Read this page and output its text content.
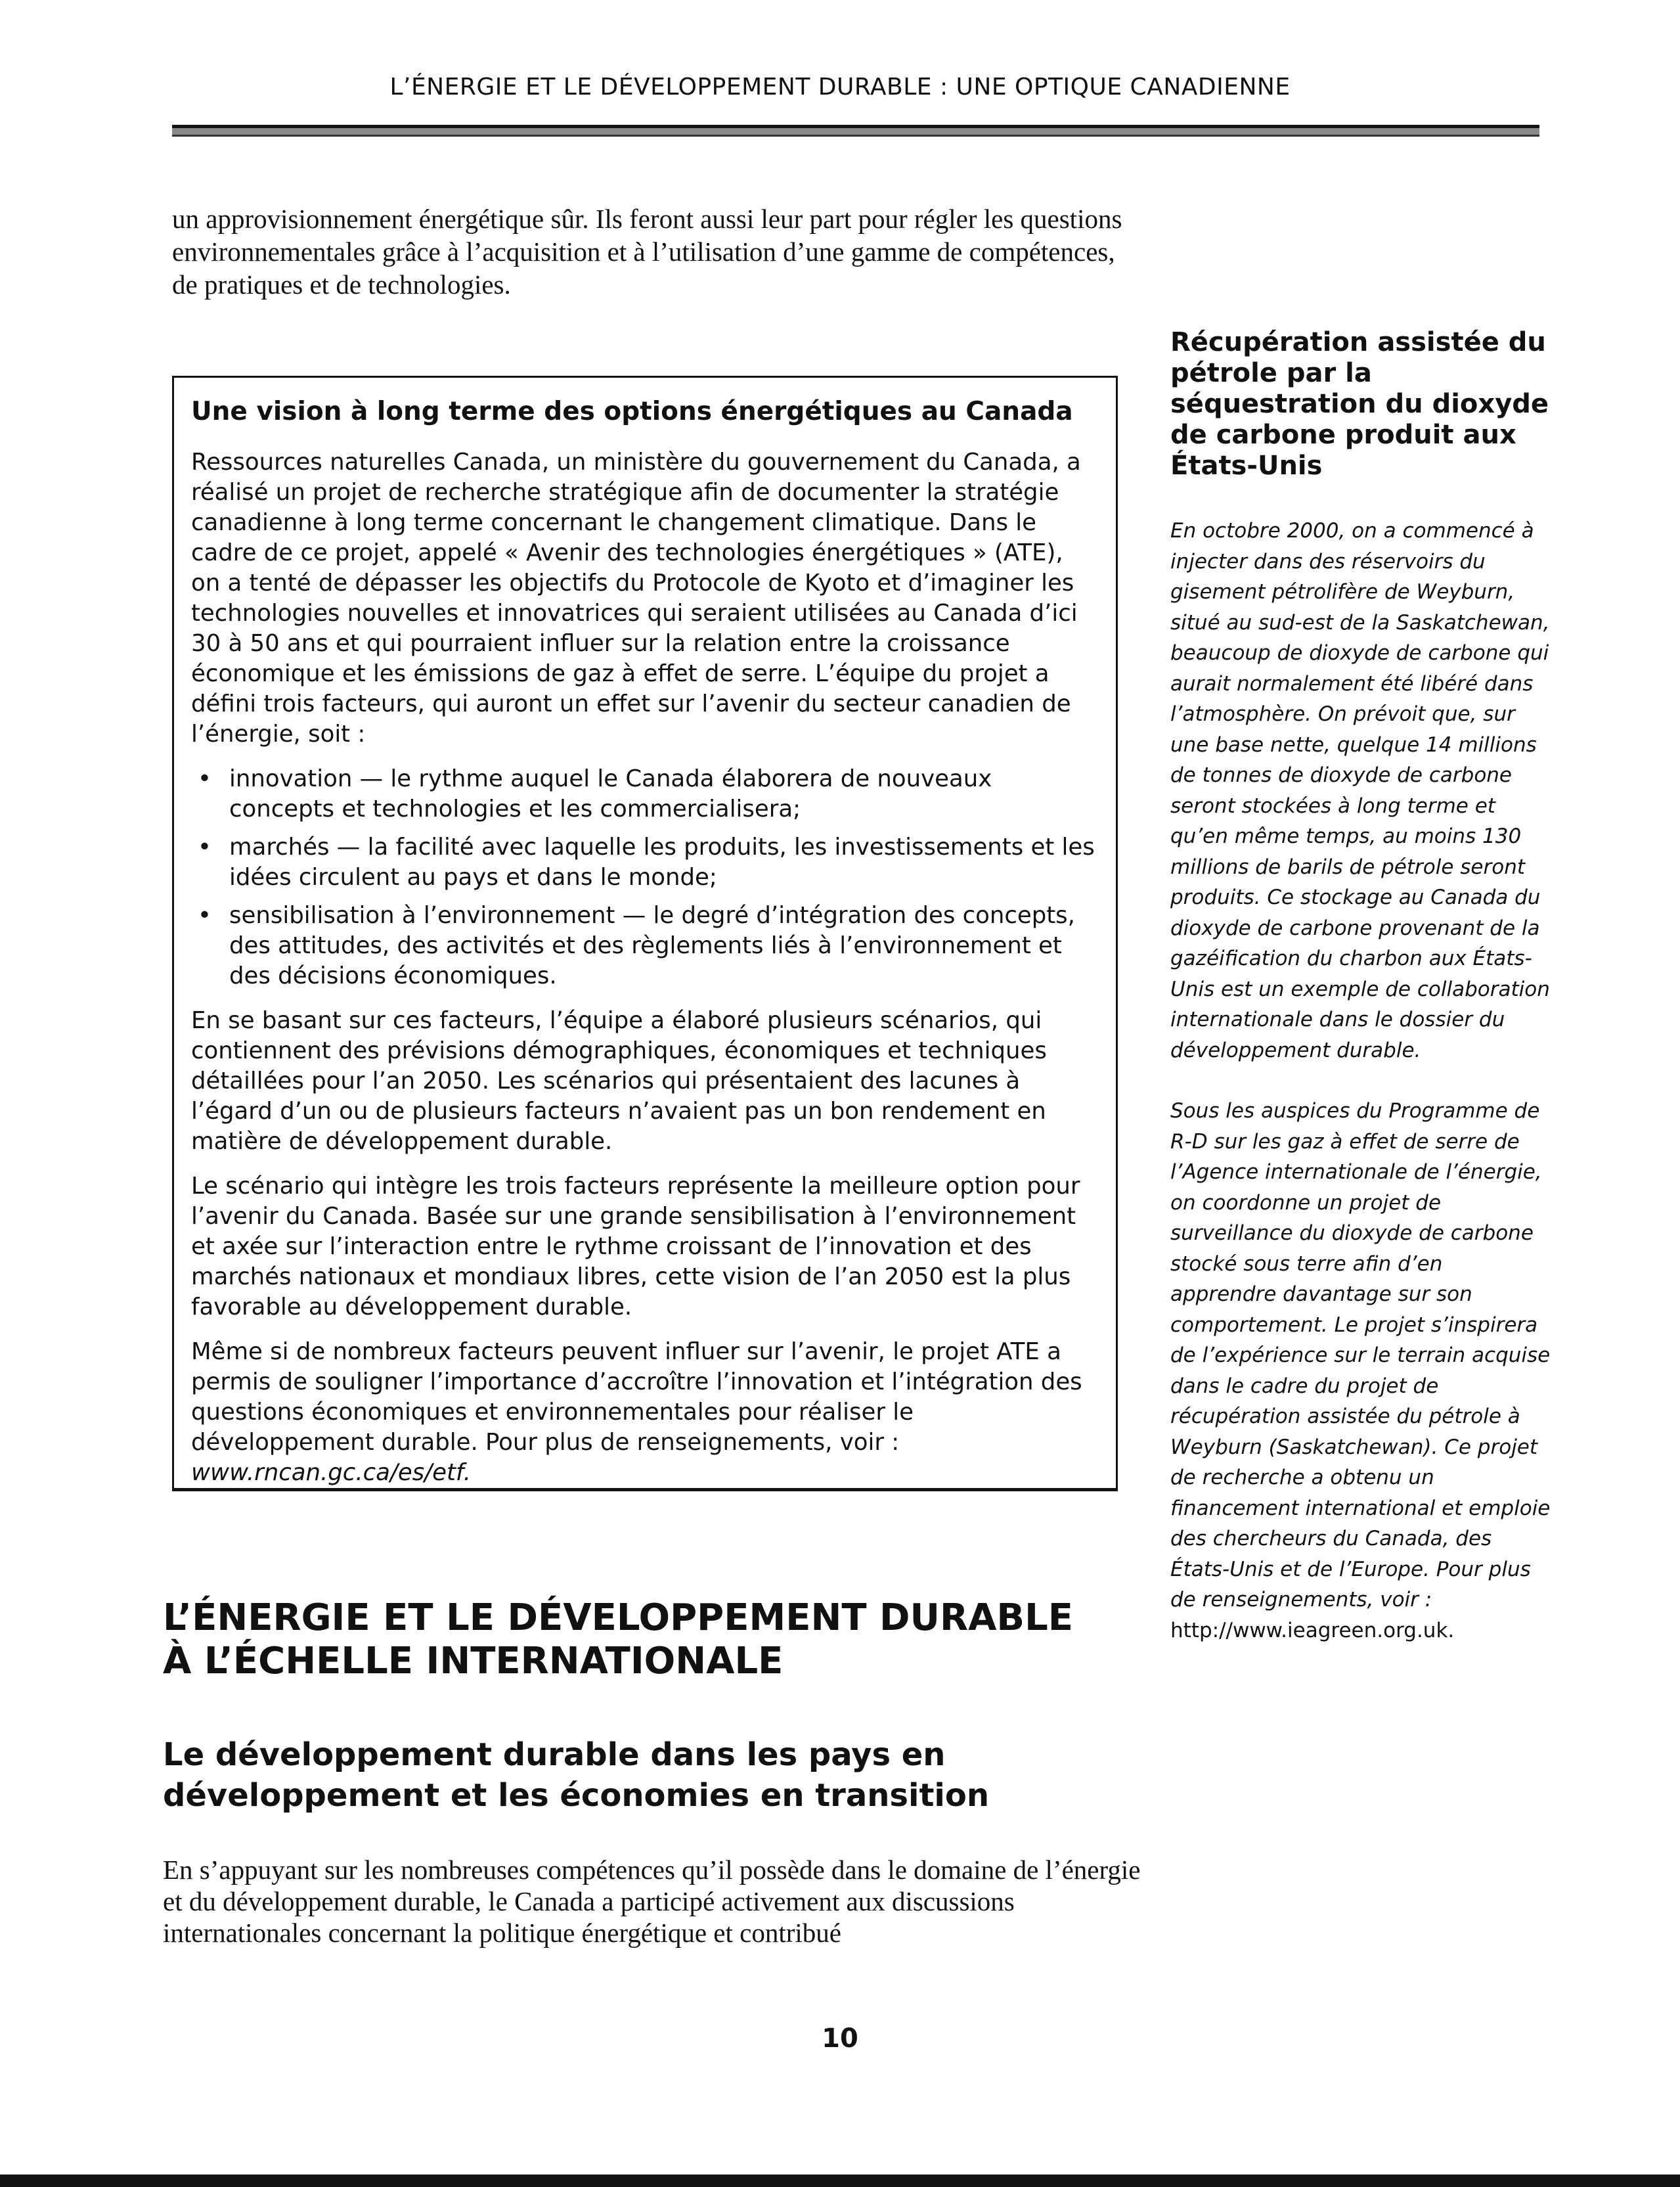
L’ÉNERGIE ET LE DÉVELOPPEMENT DURABLE : UNE OPTIQUE CANADIENNE

un approvisionnement énergétique sûr. Ils feront aussi leur part pour régler les questions environnementales grâce à l’acquisition et à l’utilisation d’une gamme de compétences, de pratiques et de technologies.

Une vision à long terme des options énergétiques au Canada

Ressources naturelles Canada, un ministère du gouvernement du Canada, a réalisé un projet de recherche stratégique afin de documenter la stratégie canadienne à long terme concernant le changement climatique. Dans le cadre de ce projet, appelé « Avenir des technologies énergétiques » (ATE), on a tenté de dépasser les objectifs du Protocole de Kyoto et d’imaginer les technologies nouvelles et innovatrices qui seraient utilisées au Canada d’ici 30 à 50 ans et qui pourraient influer sur la relation entre la croissance économique et les émissions de gaz à effet de serre. L’équipe du projet a défini trois facteurs, qui auront un effet sur l’avenir du secteur canadien de l’énergie, soit :

• innovation — le rythme auquel le Canada élaborera de nouveaux concepts et technologies et les commercialisera;
• marchés — la facilité avec laquelle les produits, les investissements et les idées circulent au pays et dans le monde;
• sensibilisation à l’environnement — le degré d’intégration des concepts, des attitudes, des activités et des règlements liés à l’environnement et des décisions économiques.

En se basant sur ces facteurs, l’équipe a élaboré plusieurs scénarios, qui contiennent des prévisions démographiques, économiques et techniques détaillées pour l’an 2050. Les scénarios qui présentaient des lacunes à l’égard d’un ou de plusieurs facteurs n’avaient pas un bon rendement en matière de développement durable.

Le scénario qui intègre les trois facteurs représente la meilleure option pour l’avenir du Canada. Basée sur une grande sensibilisation à l’environnement et axée sur l’interaction entre le rythme croissant de l’innovation et des marchés nationaux et mondiaux libres, cette vision de l’an 2050 est la plus favorable au développement durable.

Même si de nombreux facteurs peuvent influer sur l’avenir, le projet ATE a permis de souligner l’importance d’accroître l’innovation et l’intégration des questions économiques et environnementales pour réaliser le développement durable. Pour plus de renseignements, voir : www.rncan.gc.ca/es/etf.

Récupération assistée du pétrole par la séquestration du dioxyde de carbone produit aux États-Unis

En octobre 2000, on a commencé à injecter dans des réservoirs du gisement pétrolifère de Weyburn, situé au sud-est de la Saskatchewan, beaucoup de dioxyde de carbone qui aurait normalement été libéré dans l’atmosphère. On prévoit que, sur une base nette, quelque 14 millions de tonnes de dioxyde de carbone seront stockées à long terme et qu’en même temps, au moins 130 millions de barils de pétrole seront produits. Ce stockage au Canada du dioxyde de carbone provenant de la gazéification du charbon aux États-Unis est un exemple de collaboration internationale dans le dossier du développement durable.

Sous les auspices du Programme de R-D sur les gaz à effet de serre de l’Agence internationale de l’énergie, on coordonne un projet de surveillance du dioxyde de carbone stocké sous terre afin d’en apprendre davantage sur son comportement. Le projet s’inspirera de l’expérience sur le terrain acquise dans le cadre du projet de récupération assistée du pétrole à Weyburn (Saskatchewan). Ce projet de recherche a obtenu un financement international et emploie des chercheurs du Canada, des États-Unis et de l’Europe. Pour plus de renseignements, voir : http://www.ieagreen.org.uk.

L’ÉNERGIE ET LE DÉVELOPPEMENT DURABLE
À L’ÉCHELLE INTERNATIONALE
Le développement durable dans les pays en
développement et les économies en transition

En s’appuyant sur les nombreuses compétences qu’il possède dans le domaine de l’énergie et du développement durable, le Canada a participé activement aux discussions internationales concernant la politique énergétique et contribué

10
